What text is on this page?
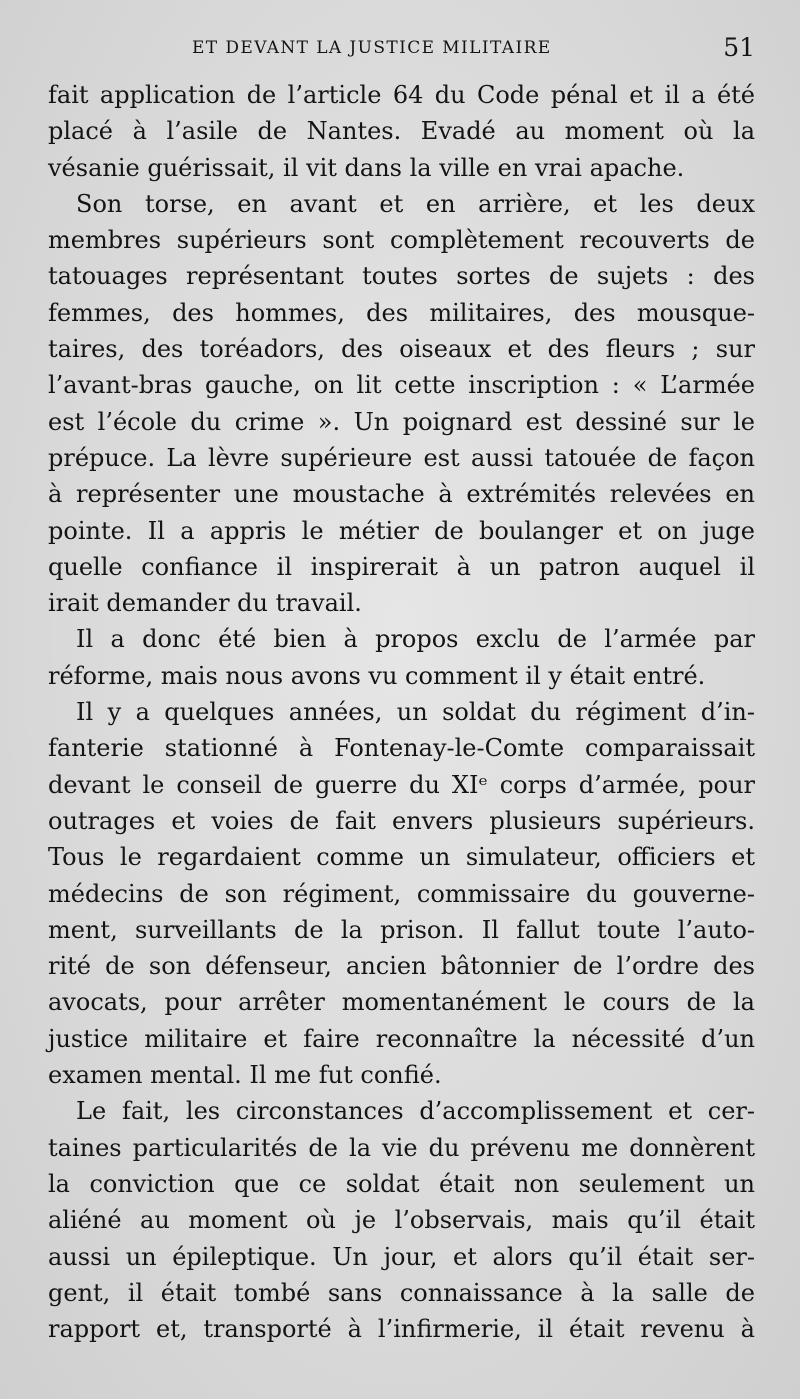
ET DEVANT LA JUSTICE MILITAIRE	51
fait application de l’article 64 du Code pénal et il a été
placé à l’asile de Nantes. Evadé au moment où la
vésanie guérissait, il vit dans la ville en vrai apache.
Son torse, en avant et en arrière, et les deux
membres supérieurs sont complètement recouverts de
tatouages représentant toutes sortes de sujets : des
femmes, des hommes, des militaires, des mousque-
taires, des toréadors, des oiseaux et des fleurs ; sur
l’avant-bras gauche, on lit cette inscription : « L’armée
est l’école du crime ». Un poignard est dessiné sur le
prépuce. La lèvre supérieure est aussi tatouée de façon
à représenter une moustache à extrémités relevées en
pointe. Il a appris le métier de boulanger et on juge
quelle confiance il inspirerait à un patron auquel il
irait demander du travail.
Il a donc été bien à propos exclu de l’armée par
réforme, mais nous avons vu comment il y était entré.
Il y a quelques années, un soldat du régiment d’in-
fanterie stationné à Fontenay-le-Comte comparaissait
devant le conseil de guerre du XIᵉ corps d’armée, pour
outrages et voies de fait envers plusieurs supérieurs.
Tous le regardaient comme un simulateur, officiers et
médecins de son régiment, commissaire du gouverne-
ment, surveillants de la prison. Il fallut toute l’auto-
rité de son défenseur, ancien bâtonnier de l’ordre des
avocats, pour arrêter momentanément le cours de la
justice militaire et faire reconnaître la nécessité d’un
examen mental. Il me fut confié.
Le fait, les circonstances d’accomplissement et cer-
taines particularités de la vie du prévenu me donnèrent
la conviction que ce soldat était non seulement un
aliéné au moment où je l’observais, mais qu’il était
aussi un épileptique. Un jour, et alors qu’il était ser-
gent, il était tombé sans connaissance à la salle de
rapport et, transporté à l’infirmerie, il était revenu à
